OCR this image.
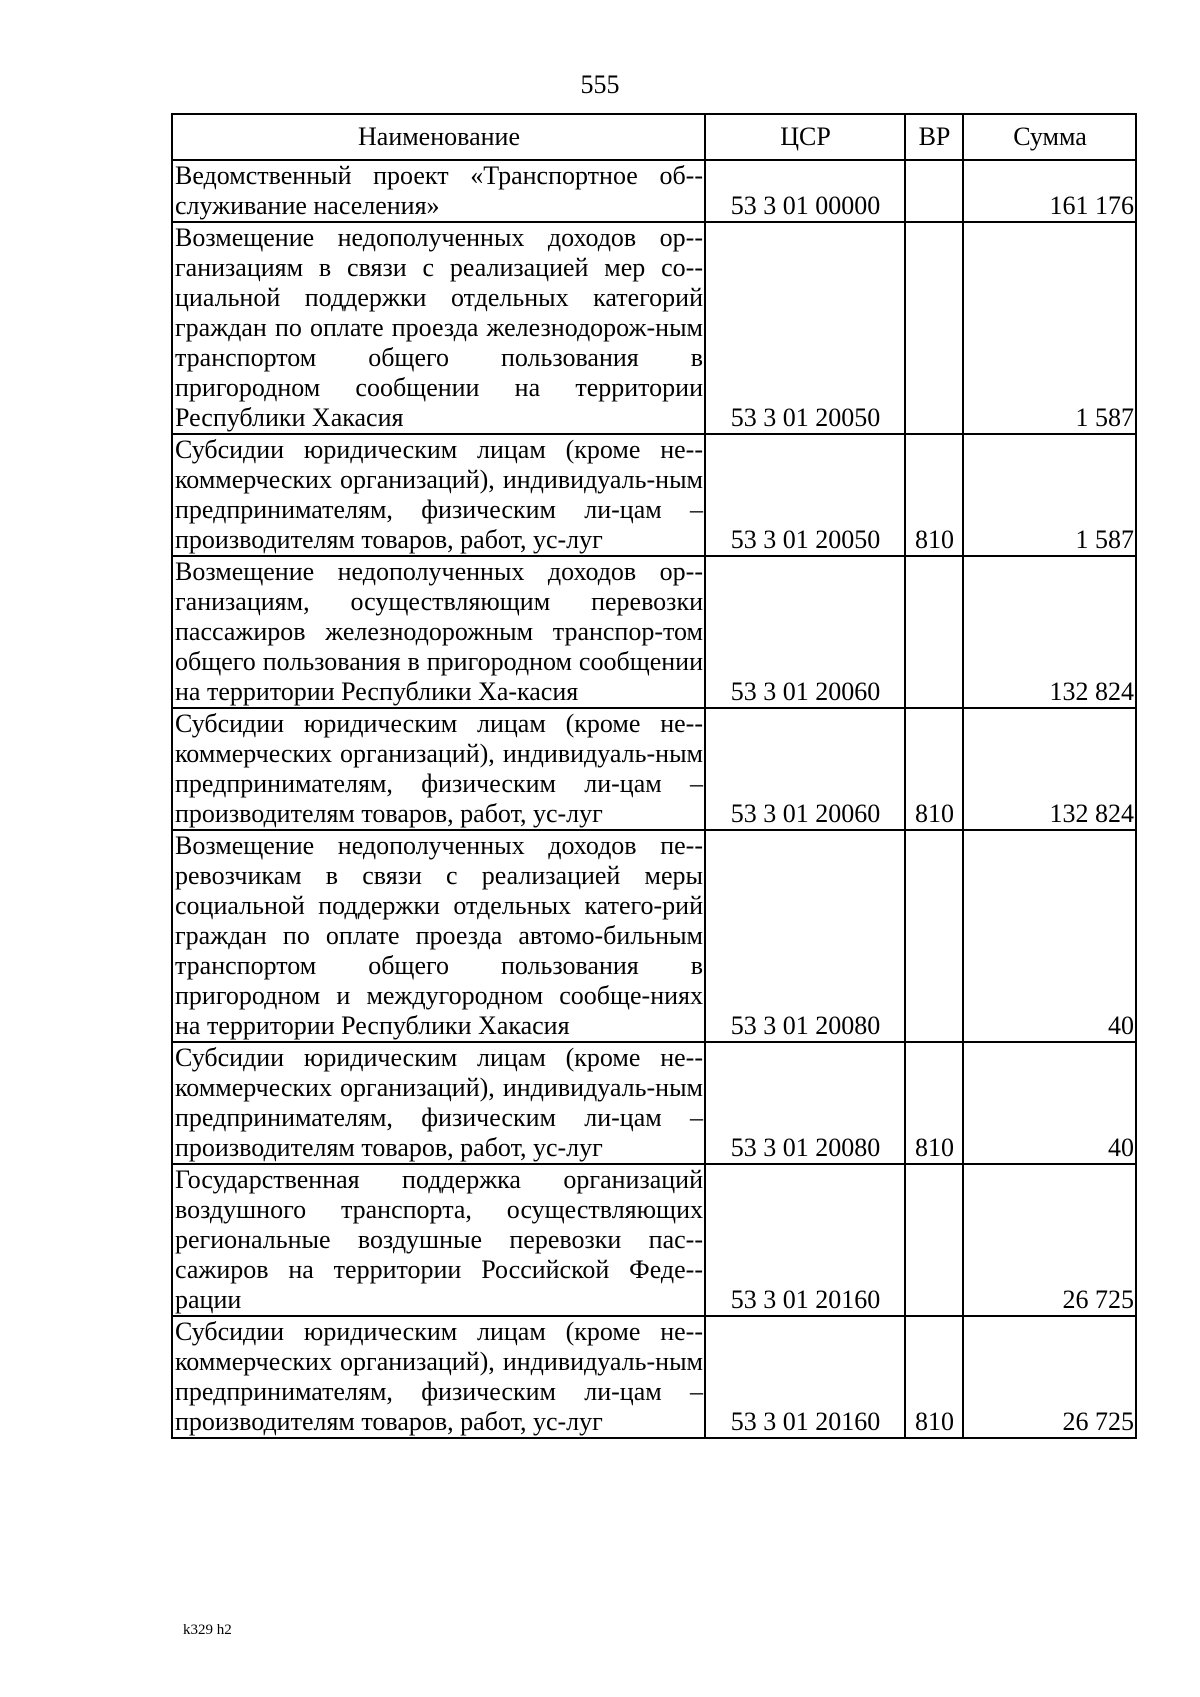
555
Наименование	ЦСР	ВР	Сумма
Ведомственный проект «Транспортное об-служивание населения»	53 3 01 00000		161 176
Возмещение недополученных доходов ор-ганизациям в связи с реализацией мер со-циальной поддержки отдельных категорий граждан по оплате проезда железнодорож-ным транспортом общего пользования в пригородном сообщении на территории Республики Хакасия	53 3 01 20050		1 587
Субсидии юридическим лицам (кроме не-коммерческих организаций), индивидуаль-ным предпринимателям, физическим ли-цам – производителям товаров, работ, ус-луг	53 3 01 20050	810	1 587
Возмещение недополученных доходов ор-ганизациям, осуществляющим перевозки пассажиров железнодорожным транспор-том общего пользования в пригородном сообщении на территории Республики Ха-касия	53 3 01 20060		132 824
Субсидии юридическим лицам (кроме не-коммерческих организаций), индивидуаль-ным предпринимателям, физическим ли-цам – производителям товаров, работ, ус-луг	53 3 01 20060	810	132 824
Возмещение недополученных доходов пе-ревозчикам в связи с реализацией меры социальной поддержки отдельных катего-рий граждан по оплате проезда автомо-бильным транспортом общего пользования в пригородном и междугородном сообще-ниях на территории Республики Хакасия	53 3 01 20080		40
Субсидии юридическим лицам (кроме не-коммерческих организаций), индивидуаль-ным предпринимателям, физическим ли-цам – производителям товаров, работ, ус-луг	53 3 01 20080	810	40
Государственная поддержка организаций воздушного транспорта, осуществляющих региональные воздушные перевозки пас-сажиров на территории Российской Феде-рации	53 3 01 20160		26 725
Субсидии юридическим лицам (кроме не-коммерческих организаций), индивидуаль-ным предпринимателям, физическим ли-цам – производителям товаров, работ, ус-луг	53 3 01 20160	810	26 725
k329 h2
